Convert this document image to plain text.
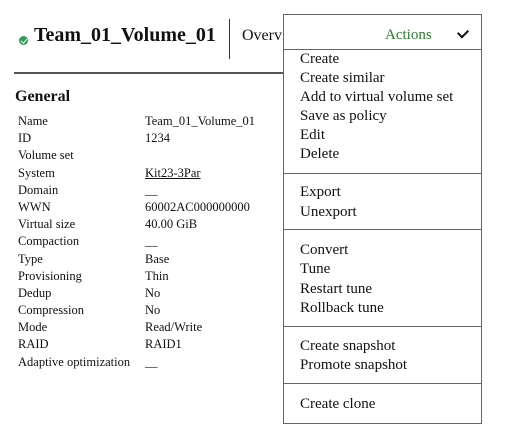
Team_01_Volume_01 Overv
General
Name	Team_01_Volume_01
ID	1234
Volume set
System	Kit23-3Par
Domain	__
WWN	60002AC000000000
Virtual size	40.00 GiB
Compaction	__
Type	Base
Provisioning	Thin
Dedup	No
Compression	No
Mode	Read/Write
RAID	RAID1
Adaptive optimization	__
Actions
Create
Create similar
Add to virtual volume set
Save as policy
Edit
Delete
Export
Unexport
Convert
Tune
Restart tune
Rollback tune
Create snapshot
Promote snapshot
Create clone
